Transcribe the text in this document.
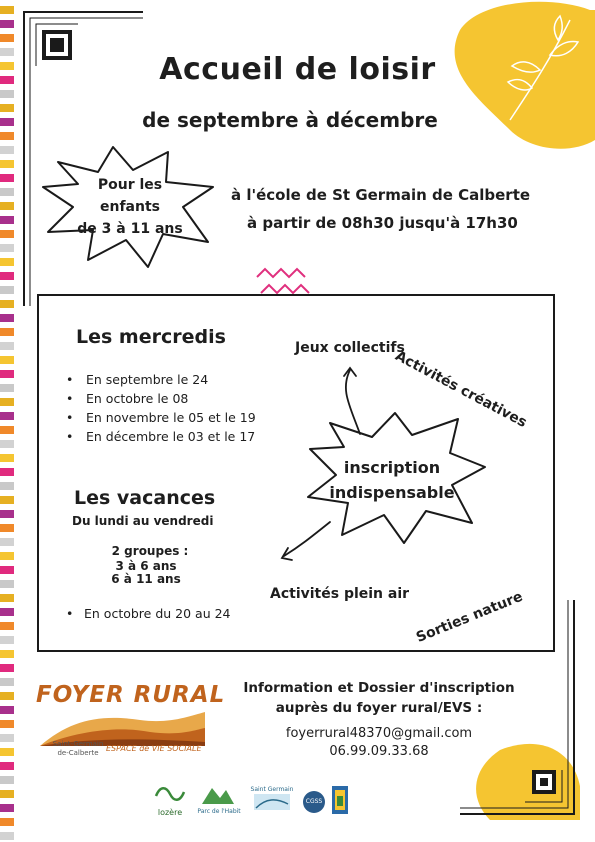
Accueil de loisir
de septembre à décembre
Pour les
enfants
de 3 à 11 ans
à l'école de St Germain de Calberte
à partir de 08h30 jusqu'à 17h30
Les mercredis
• En septembre le 24
• En octobre le 08
• En novembre le 05 et le 19
• En décembre le 03 et le 17
Les vacances
Du lundi au vendredi
2 groupes :
3 à 6 ans
6 à 11 ans
• En octobre du 20 au 24
inscription
indispensable
Jeux collectifs
Activités créatives
Activités plein air Sorties nature
FOYER RURAL
Saint-Germain
de-Calberte ESPACE de VIE SOCIALE
Information et Dossier d'inscription
auprès du foyer rural/EVS :
foyerrural48370@gmail.com
06.99.09.33.68
lozère	Parc de l'Habit
Saint Germain
CGSS
